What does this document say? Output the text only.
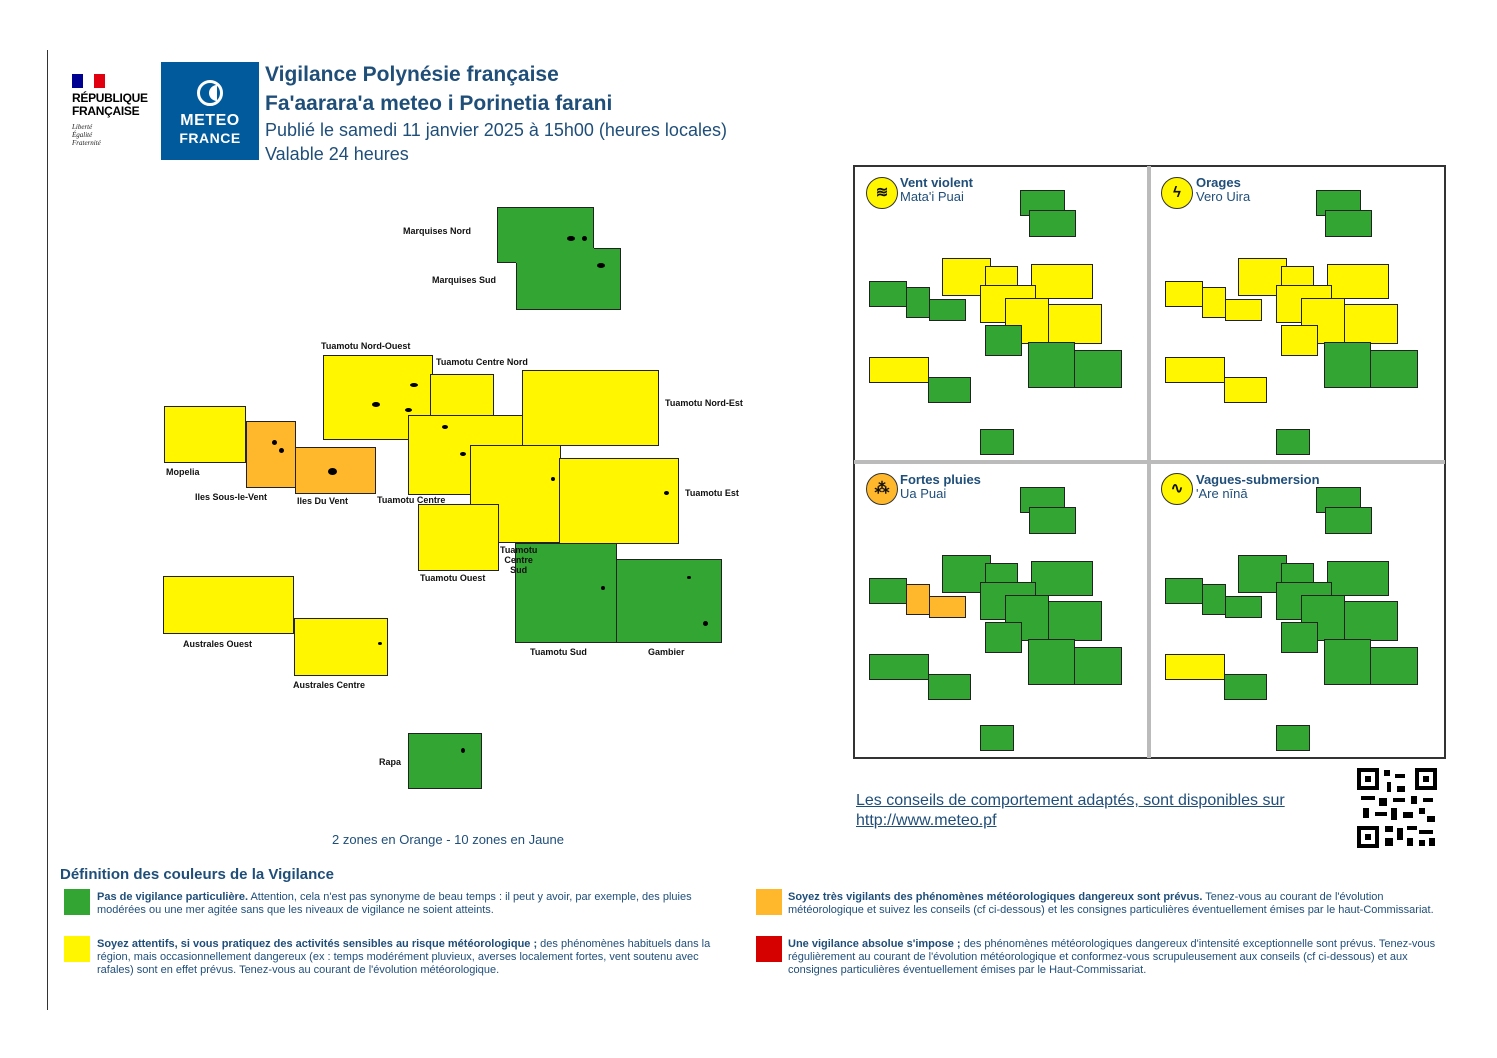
RÉPUBLIQUE
FRANÇAISE
Liberté
Égalité
Fraternité
METEO
FRANCE
Vigilance Polynésie française
Fa'aarara'a meteo i Porinetia farani
Publié le samedi 11 janvier 2025 à 15h00 (heures locales)
Valable 24 heures
Marquises Nord
Marquises Sud
Tuamotu Nord-Ouest
Tuamotu Centre Nord
Tuamotu Nord-Est
Mopelia
Iles Sous-le-Vent	Iles Du Vent	Tuamotu Centre
Tuamotu Est
Tuamotu Ouest
Tuamotu
Centre
Sud
Australes Ouest
Australes Centre
Tuamotu Sud	Gambier
Rapa
2 zones en Orange - 10 zones en Jaune
≋
Vent violent
Mata'i Puai	ϟ
Orages
Vero Uira
⁂
Fortes pluies
Ua Puai	∿
Vagues-submersion
'Are nīnā
Les conseils de comportement adaptés, sont disponibles sur
http://www.meteo.pf
Définition des couleurs de la Vigilance
Pas de vigilance particulière. Attention, cela n'est pas synonyme de beau temps : il peut y avoir, par exemple, des pluies modérées ou une mer agitée sans que les niveaux de vigilance ne soient atteints.
Soyez attentifs, si vous pratiquez des activités sensibles au risque météorologique ; des phénomènes habituels dans la région, mais occasionnellement dangereux (ex : temps modérément pluvieux, averses localement fortes, vent soutenu avec rafales) sont en effet prévus. Tenez-vous au courant de l'évolution météorologique.
Soyez très vigilants des phénomènes météorologiques dangereux sont prévus. Tenez-vous au courant de l'évolution météorologique et suivez les conseils (cf ci-dessous) et les consignes particulières éventuellement émises par le haut-Commissariat.
Une vigilance absolue s'impose ; des phénomènes météorologiques dangereux d'intensité exceptionnelle sont prévus. Tenez-vous régulièrement au courant de l'évolution météorologique et conformez-vous scrupuleusement aux conseils (cf ci-dessous) et aux consignes particulières éventuellement émises par le Haut-Commissariat.
